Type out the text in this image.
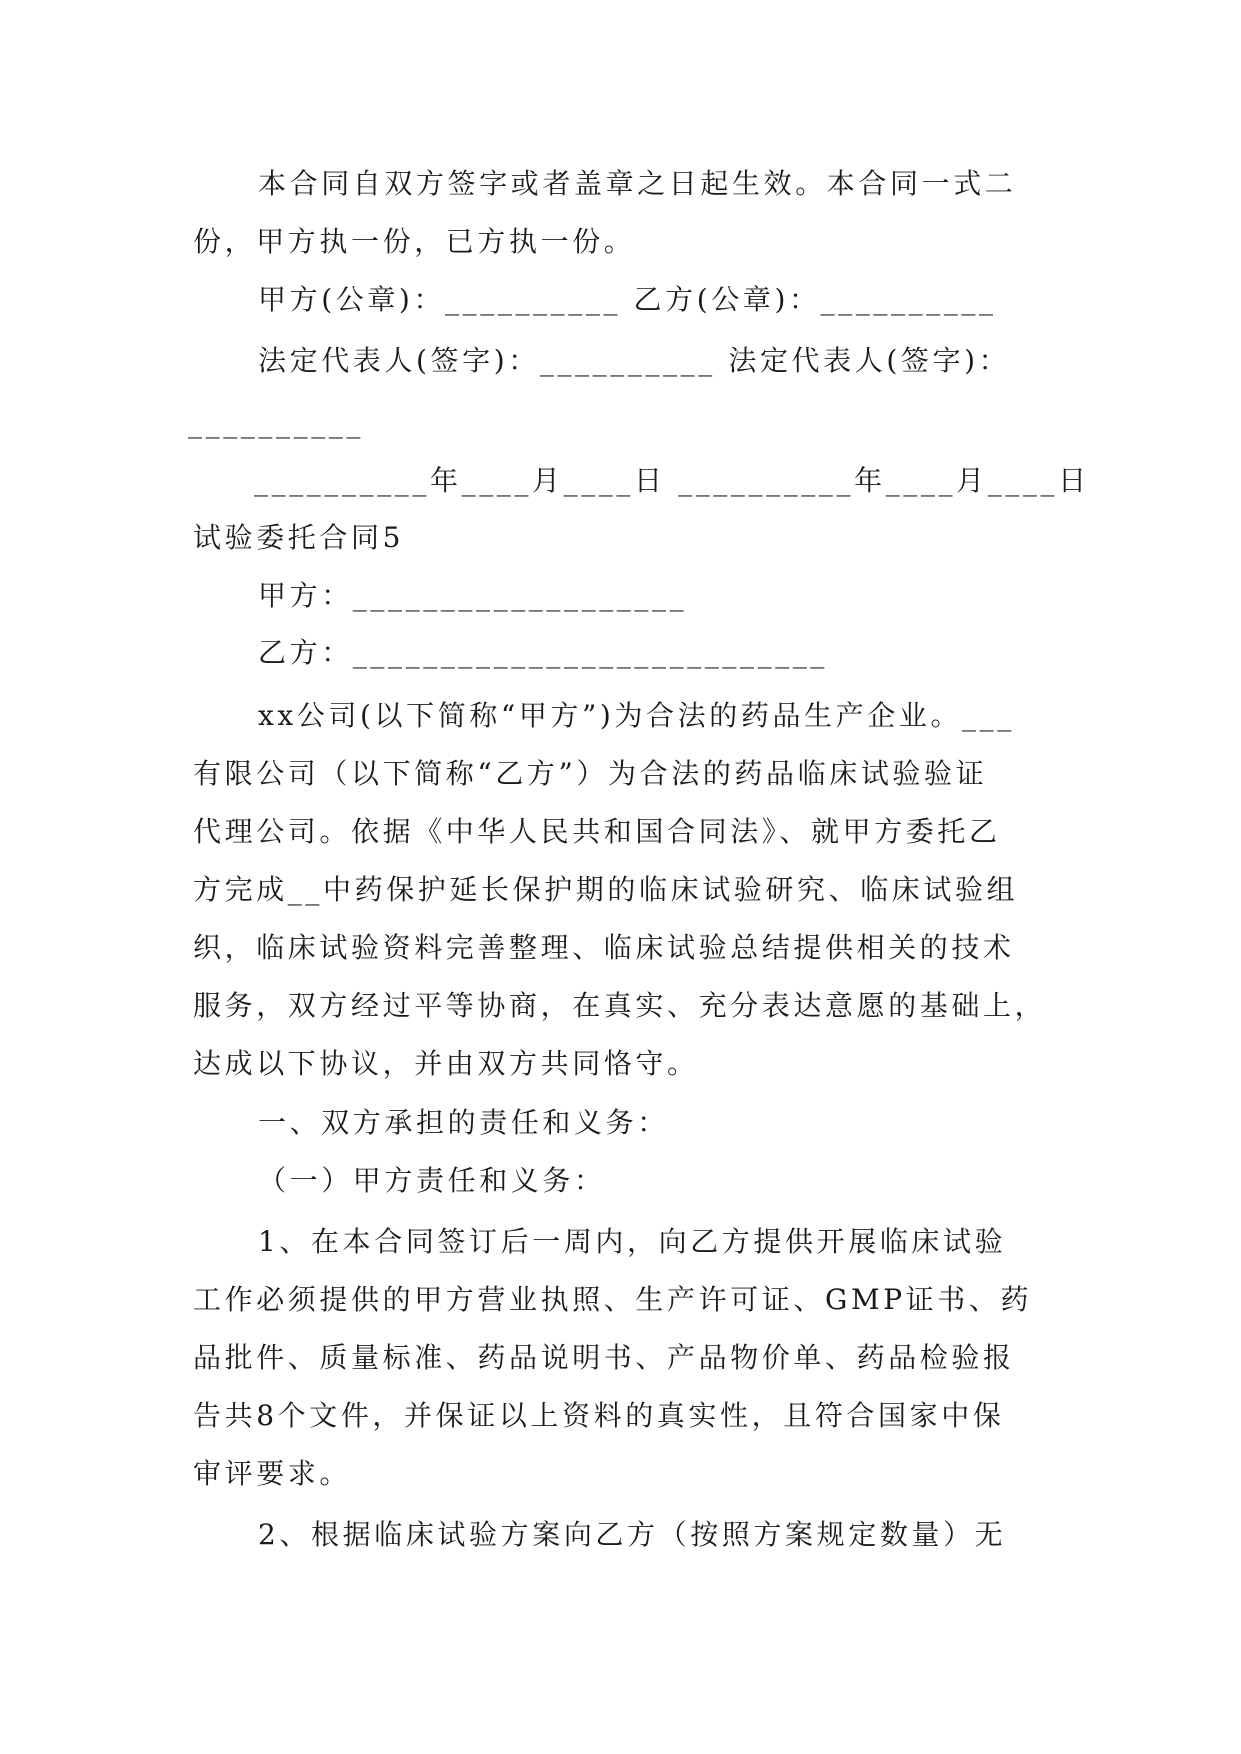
本合同自双方签字或者盖章之日起生效。本合同一式二
份，甲方执一份，已方执一份。
甲方(公章)：__________ 乙方(公章)：__________
法定代表人(签字)：__________ 法定代表人(签字)：
__________
__________年____月____日 __________年____月____日
试验委托合同5
甲方：___________________
乙方：___________________________
xx公司(以下简称“甲方”)为合法的药品生产企业。___
有限公司（以下简称“乙方”）为合法的药品临床试验验证
代理公司。依据《中华人民共和国合同法》、就甲方委托乙
方完成__中药保护延长保护期的临床试验研究、临床试验组
织，临床试验资料完善整理、临床试验总结提供相关的技术
服务，双方经过平等协商，在真实、充分表达意愿的基础上，
达成以下协议，并由双方共同恪守。
一、双方承担的责任和义务：
（一）甲方责任和义务：
1、在本合同签订后一周内，向乙方提供开展临床试验
工作必须提供的甲方营业执照、生产许可证、GMP证书、药
品批件、质量标准、药品说明书、产品物价单、药品检验报
告共8个文件，并保证以上资料的真实性，且符合国家中保
审评要求。
2、根据临床试验方案向乙方（按照方案规定数量）无
